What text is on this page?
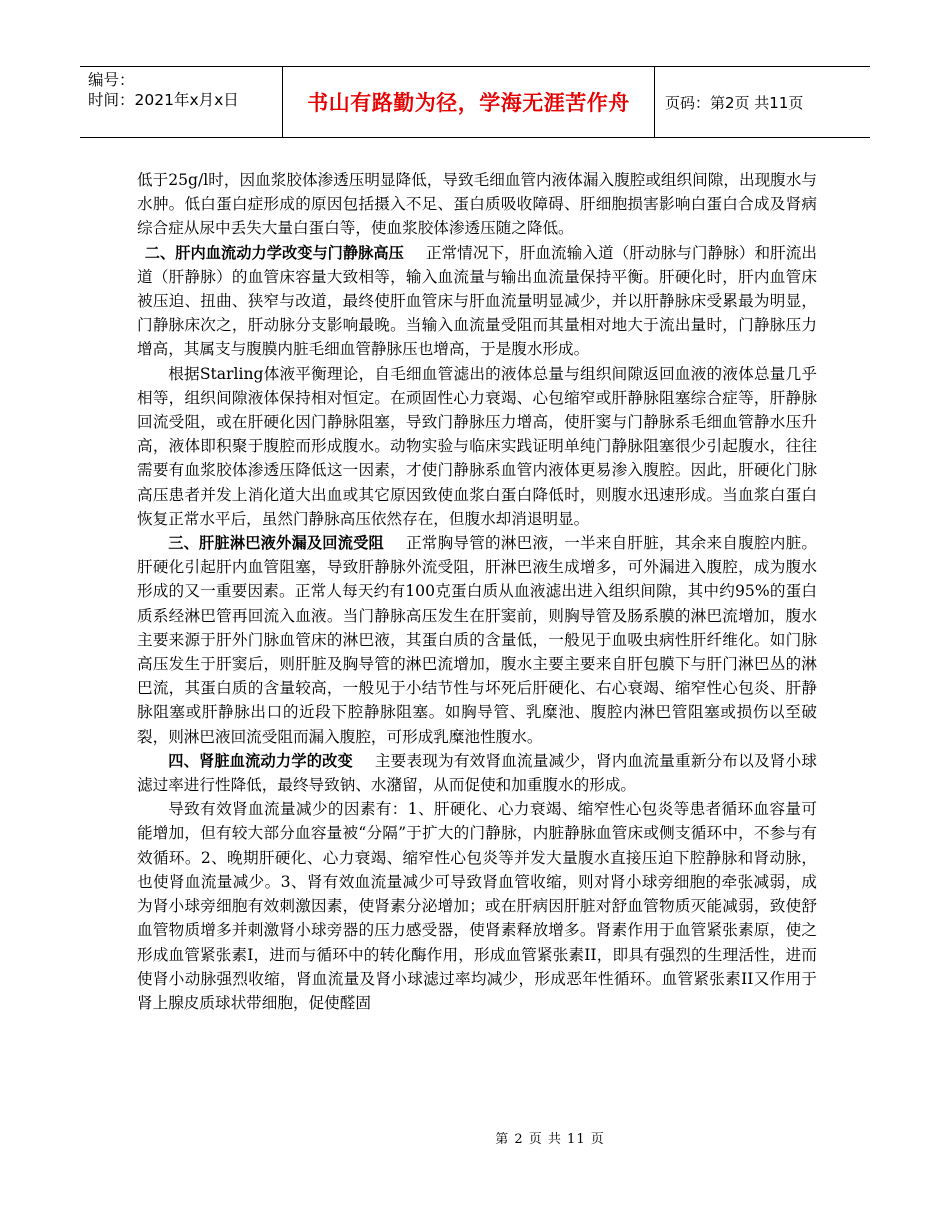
编号：
时间：2021年x月x日	书山有路勤为径，学海无涯苦作舟	页码：第2页 共11页

低于25g/l时，因血浆胶体渗透压明显降低，导致毛细血管内液体漏入腹腔或组织间隙，出现腹水与水肿。低白蛋白症形成的原因包括摄入不足、蛋白质吸收障碍、肝细胞损害影响白蛋白合成及肾病综合症从尿中丢失大量白蛋白等，使血浆胶体渗透压随之降低。

二、肝内血流动力学改变与门静脉高压 正常情况下，肝血流输入道（肝动脉与门静脉）和肝流出道（肝静脉）的血管床容量大致相等，输入血流量与输出血流量保持平衡。肝硬化时，肝内血管床被压迫、扭曲、狭窄与改道，最终使肝血管床与肝血流量明显减少，并以肝静脉床受累最为明显，门静脉床次之，肝动脉分支影响最晚。当输入血流量受阻而其量相对地大于流出量时，门静脉压力增高，其属支与腹膜内脏毛细血管静脉压也增高，于是腹水形成。

根据Starling体液平衡理论，自毛细血管滤出的液体总量与组织间隙返回血液的液体总量几乎相等，组织间隙液体保持相对恒定。在顽固性心力衰竭、心包缩窄或肝静脉阻塞综合症等，肝静脉回流受阻，或在肝硬化因门静脉阻塞，导致门静脉压力增高，使肝窦与门静脉系毛细血管静水压升高，液体即积聚于腹腔而形成腹水。动物实验与临床实践证明单纯门静脉阻塞很少引起腹水，往往需要有血浆胶体渗透压降低这一因素，才使门静脉系血管内液体更易渗入腹腔。因此，肝硬化门脉高压患者并发上消化道大出血或其它原因致使血浆白蛋白降低时，则腹水迅速形成。当血浆白蛋白恢复正常水平后，虽然门静脉高压依然存在，但腹水却消退明显。

三、肝脏淋巴液外漏及回流受阻 正常胸导管的淋巴液，一半来自肝脏，其余来自腹腔内脏。肝硬化引起肝内血管阻塞，导致肝静脉外流受阻，肝淋巴液生成增多，可外漏进入腹腔，成为腹水形成的又一重要因素。正常人每天约有100克蛋白质从血液滤出进入组织间隙，其中约95%的蛋白质系经淋巴管再回流入血液。当门静脉高压发生在肝窦前，则胸导管及肠系膜的淋巴流增加，腹水主要来源于肝外门脉血管床的淋巴液，其蛋白质的含量低，一般见于血吸虫病性肝纤维化。如门脉高压发生于肝窦后，则肝脏及胸导管的淋巴流增加，腹水主要主要来自肝包膜下与肝门淋巴丛的淋巴流，其蛋白质的含量较高，一般见于小结节性与坏死后肝硬化、右心衰竭、缩窄性心包炎、肝静脉阻塞或肝静脉出口的近段下腔静脉阻塞。如胸导管、乳糜池、腹腔内淋巴管阻塞或损伤以至破裂，则淋巴液回流受阻而漏入腹腔，可形成乳糜池性腹水。

四、肾脏血流动力学的改变 主要表现为有效肾血流量减少，肾内血流量重新分布以及肾小球滤过率进行性降低，最终导致钠、水潴留，从而促使和加重腹水的形成。

导致有效肾血流量减少的因素有：1、肝硬化、心力衰竭、缩窄性心包炎等患者循环血容量可能增加，但有较大部分血容量被“分隔”于扩大的门静脉，内脏静脉血管床或侧支循环中，不参与有效循环。2、晚期肝硬化、心力衰竭、缩窄性心包炎等并发大量腹水直接压迫下腔静脉和肾动脉，也使肾血流量减少。3、肾有效血流量减少可导致肾血管收缩，则对肾小球旁细胞的牵张减弱，成为肾小球旁细胞有效刺激因素，使肾素分泌增加；或在肝病因肝脏对舒血管物质灭能减弱，致使舒血管物质增多并刺激肾小球旁器的压力感受器，使肾素释放增多。肾素作用于血管紧张素原，使之形成血管紧张素I，进而与循环中的转化酶作用，形成血管紧张素II，即具有强烈的生理活性，进而使肾小动脉强烈收缩，肾血流量及肾小球滤过率均减少，形成恶年性循环。血管紧张素II又作用于肾上腺皮质球状带细胞，促使醛固

第 2 页 共 11 页
